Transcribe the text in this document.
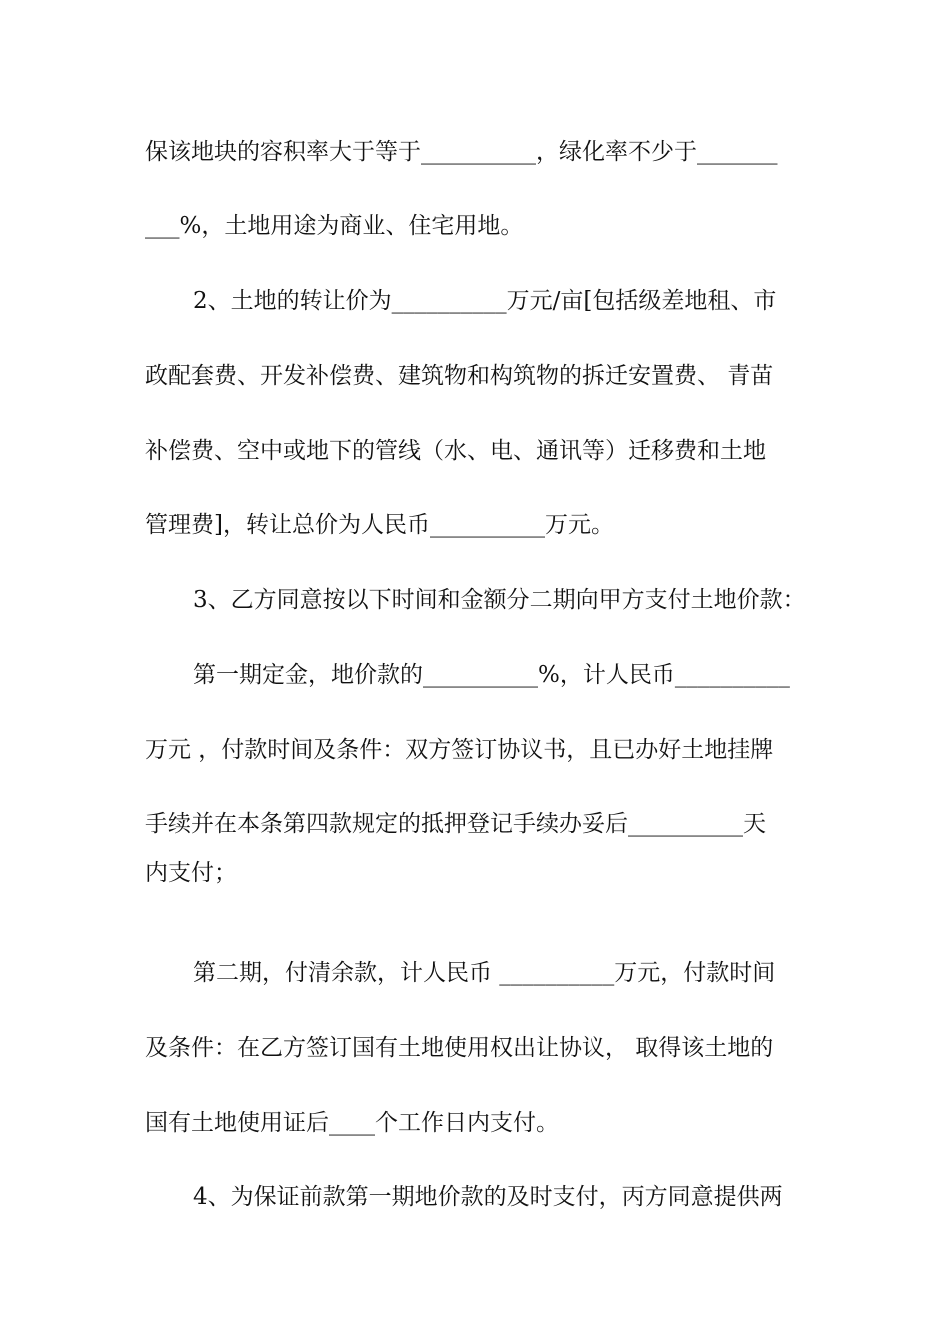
保该地块的容积率大于等于__________，绿化率不少于_______
___%，土地用途为商业、住宅用地。
2、土地的转让价为__________万元/亩[包括级差地租、市
政配套费、开发补偿费、建筑物和构筑物的拆迁安置费、 青苗
补偿费、空中或地下的管线（水、电、通讯等）迁移费和土地
管理费]，转让总价为人民币__________万元。
3、乙方同意按以下时间和金额分二期向甲方支付土地价款：
第一期定金，地价款的__________%，计人民币__________
万元 ，付款时间及条件：双方签订协议书，且已办好土地挂牌
手续并在本条第四款规定的抵押登记手续办妥后__________天
内支付；
第二期，付清余款，计人民币 __________万元，付款时间
及条件：在乙方签订国有土地使用权出让协议， 取得该土地的
国有土地使用证后____个工作日内支付。
4、为保证前款第一期地价款的及时支付，丙方同意提供两
